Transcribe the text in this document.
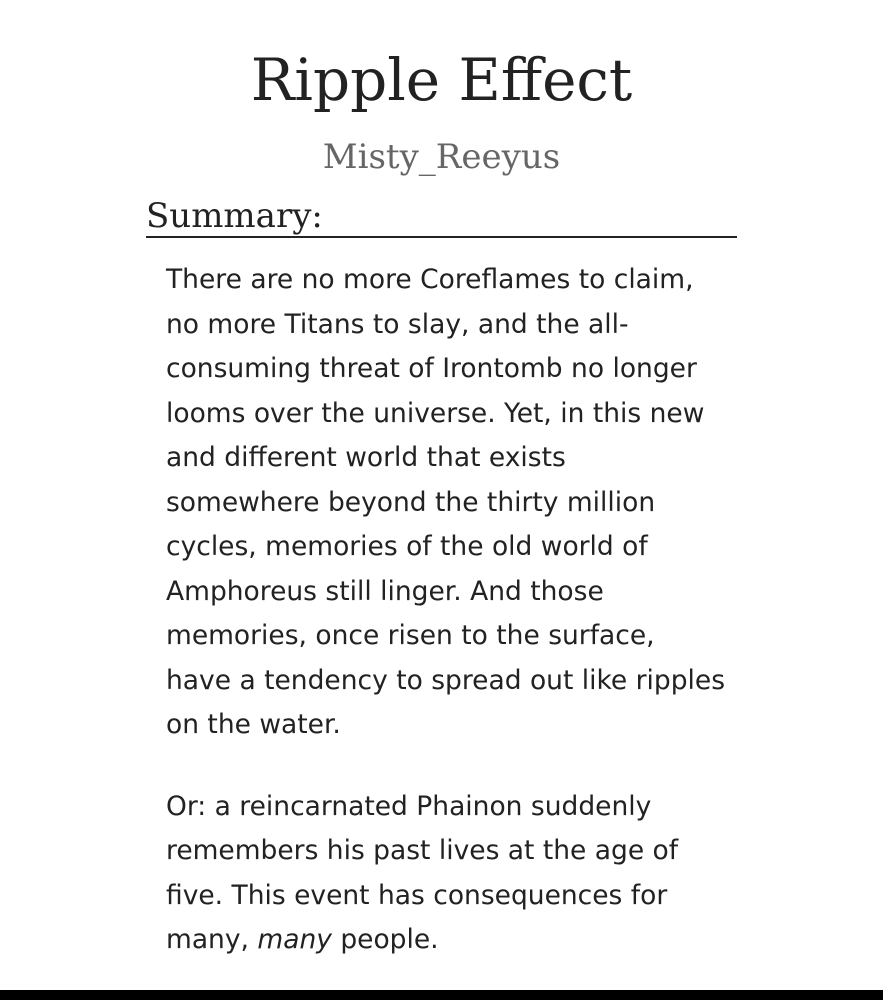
Ripple Effect
Misty_Reeyus
Summary:

There are no more Coreflames to claim, no more Titans to slay, and the all-consuming threat of Irontomb no longer looms over the universe. Yet, in this new and different world that exists somewhere beyond the thirty million cycles, memories of the old world of Amphoreus still linger. And those memories, once risen to the surface, have a tendency to spread out like ripples on the water.

Or: a reincarnated Phainon suddenly remembers his past lives at the age of five. This event has consequences for many, many people.
